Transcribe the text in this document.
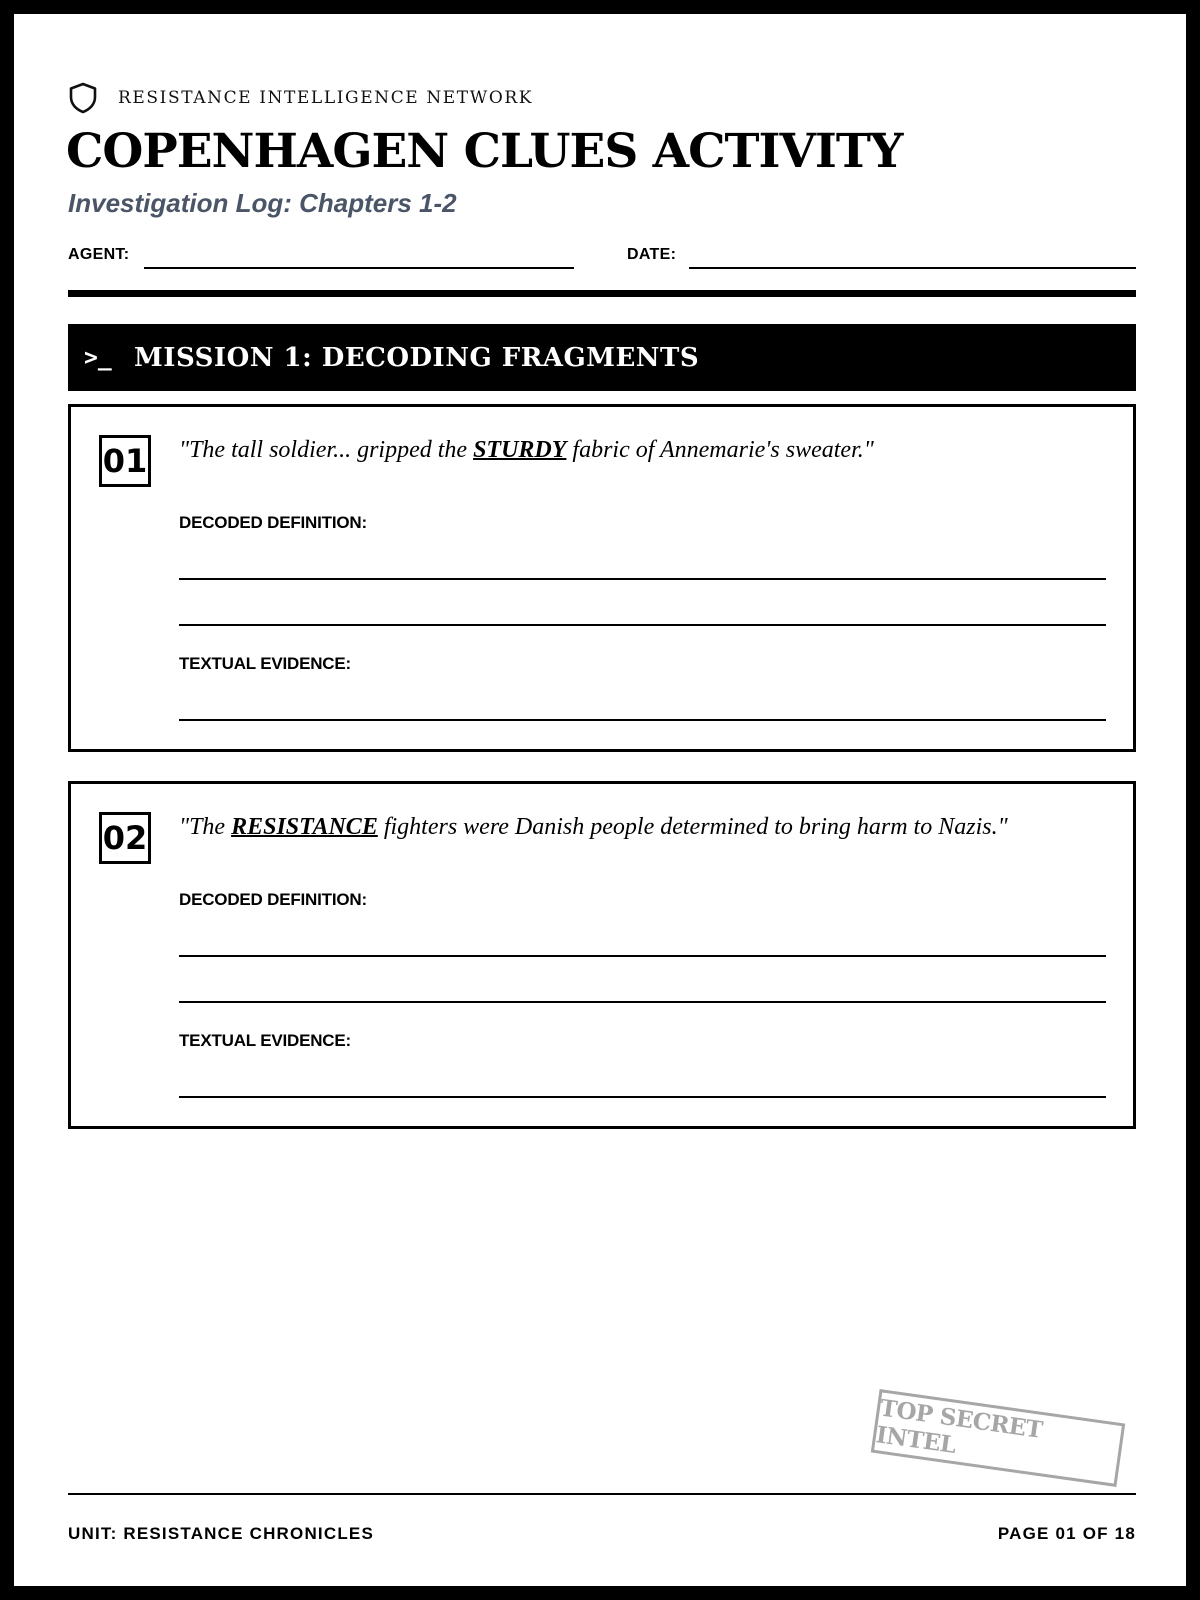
RESISTANCE INTELLIGENCE NETWORK
COPENHAGEN CLUES ACTIVITY
Investigation Log: Chapters 1-2
AGENT:	DATE:
>_ MISSION 1: DECODING FRAGMENTS
01 "The tall soldier... gripped the STURDY fabric of Annemarie's sweater."
DECODED DEFINITION:
TEXTUAL EVIDENCE:
02 "The RESISTANCE fighters were Danish people determined to bring harm to Nazis."
DECODED DEFINITION:
TEXTUAL EVIDENCE:
TOP SECRET INTEL
UNIT: RESISTANCE CHRONICLES	PAGE 01 OF 18
